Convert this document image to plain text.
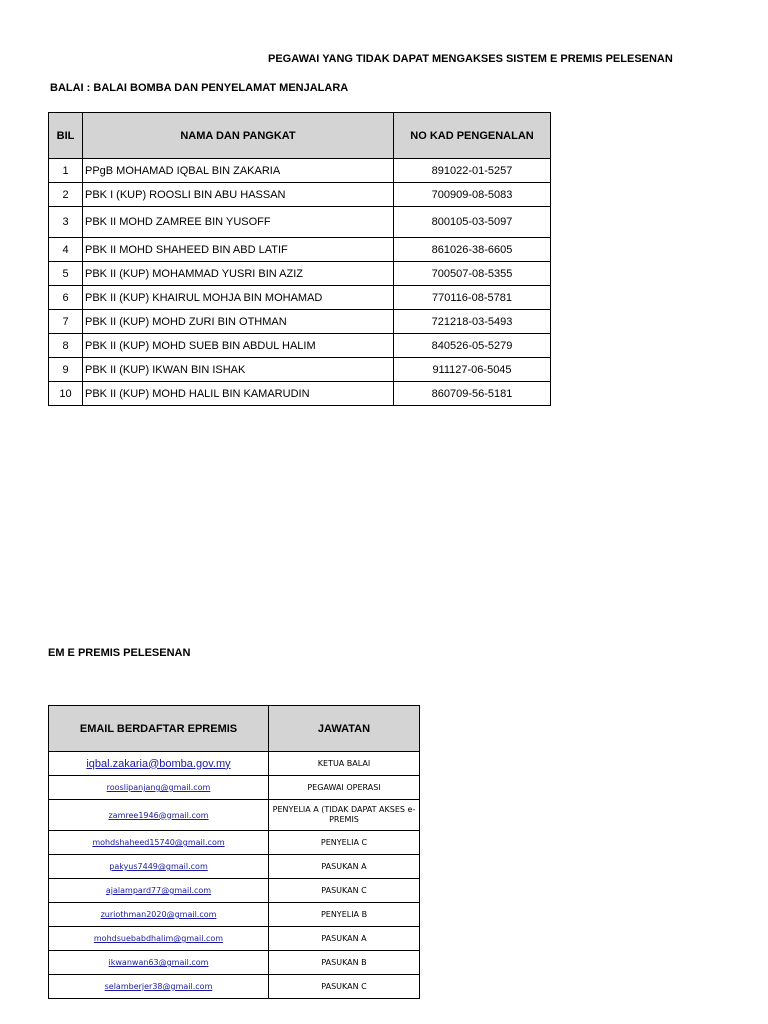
PEGAWAI YANG TIDAK DAPAT MENGAKSES SISTEM E PREMIS PELESENAN
BALAI : BALAI BOMBA DAN PENYELAMAT MENJALARA
BIL	NAMA DAN PANGKAT	NO KAD PENGENALAN
1	PPgB MOHAMAD IQBAL BIN ZAKARIA	891022-01-5257
2	PBK I (KUP) ROOSLI BIN ABU HASSAN	700909-08-5083
3	PBK II MOHD ZAMREE BIN YUSOFF	800105-03-5097
4	PBK II MOHD SHAHEED BIN ABD LATIF	861026-38-6605
5	PBK II (KUP) MOHAMMAD YUSRI BIN AZIZ	700507-08-5355
6	PBK II (KUP) KHAIRUL MOHJA BIN MOHAMAD	770116-08-5781
7	PBK II (KUP) MOHD ZURI BIN OTHMAN	721218-03-5493
8	PBK II (KUP) MOHD SUEB BIN ABDUL HALIM	840526-05-5279
9	PBK II (KUP) IKWAN BIN ISHAK	911127-06-5045
10	PBK II (KUP) MOHD HALIL BIN KAMARUDIN	860709-56-5181
EM E PREMIS PELESENAN
EMAIL BERDAFTAR EPREMIS	JAWATAN
iqbal.zakaria@bomba.gov.my	KETUA BALAI
rooslipanjang@gmail.com	PEGAWAI OPERASI
zamree1946@gmail.com	PENYELIA A (TIDAK DAPAT AKSES e-PREMIS
mohdshaheed15740@gmail.com	PENYELIA C
pakyus7449@gmail.com	PASUKAN A
ajalampard77@gmail.com	PASUKAN C
zuriothman2020@gmail.com	PENYELIA B
mohdsuebabdhalim@gmail.com	PASUKAN A
ikwanwan63@gmail.com	PASUKAN B
selamberjer38@gmail.com	PASUKAN C
